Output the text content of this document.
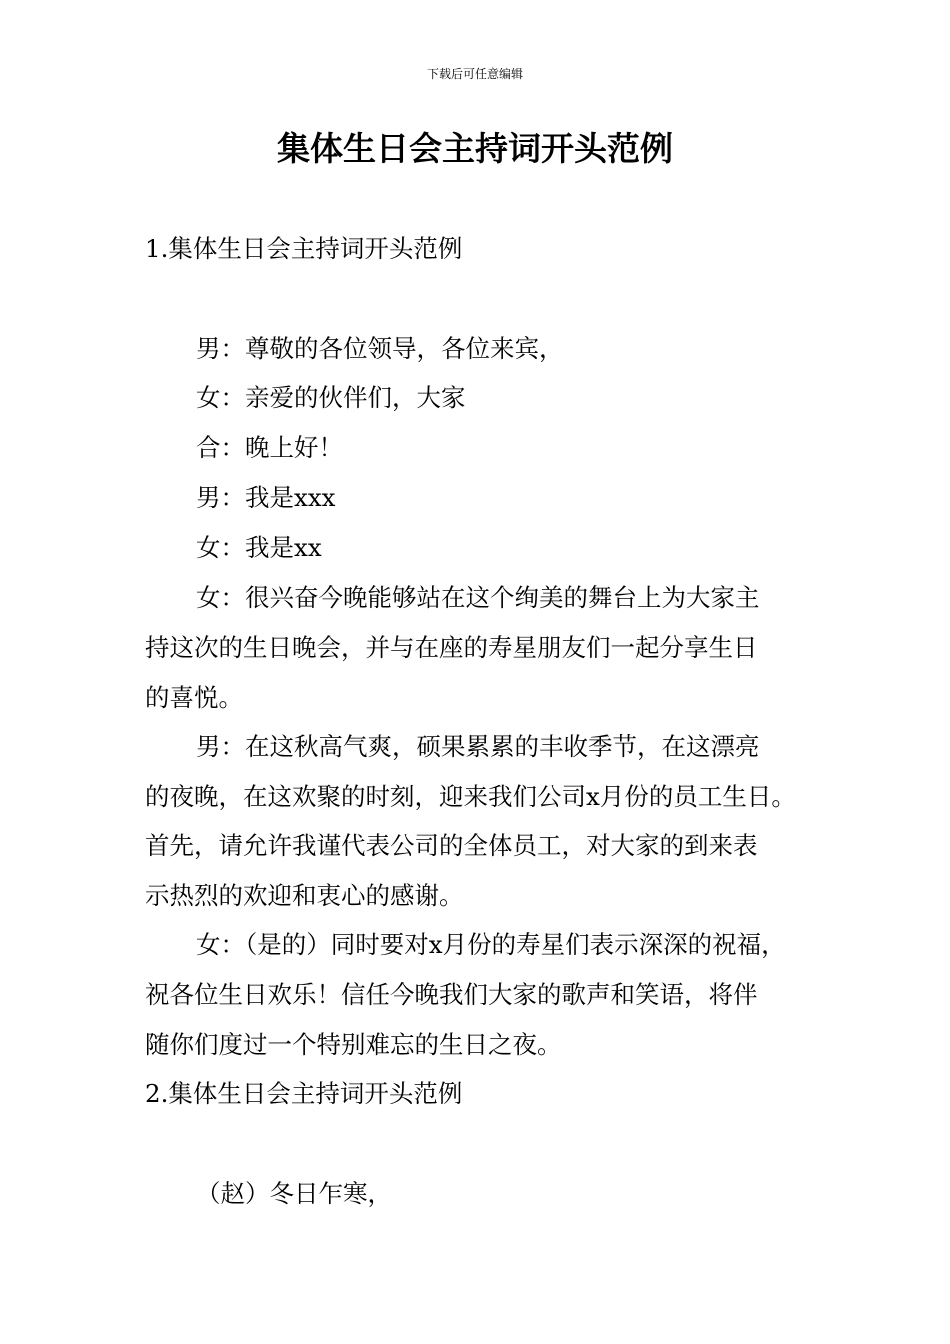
下载后可任意编辑
集体生日会主持词开头范例
1.集体生日会主持词开头范例
男：尊敬的各位领导，各位来宾，
女：亲爱的伙伴们，大家
合：晚上好！
男：我是xxx
女：我是xx
女：很兴奋今晚能够站在这个绚美的舞台上为大家主
持这次的生日晚会，并与在座的寿星朋友们一起分享生日
的喜悦。
男：在这秋高气爽，硕果累累的丰收季节，在这漂亮
的夜晚，在这欢聚的时刻，迎来我们公司x月份的员工生日。
首先，请允许我谨代表公司的全体员工，对大家的到来表
示热烈的欢迎和衷心的感谢。
女：（是的）同时要对x月份的寿星们表示深深的祝福，
祝各位生日欢乐！信任今晚我们大家的歌声和笑语，将伴
随你们度过一个特别难忘的生日之夜。
2.集体生日会主持词开头范例
（赵）冬日乍寒，
